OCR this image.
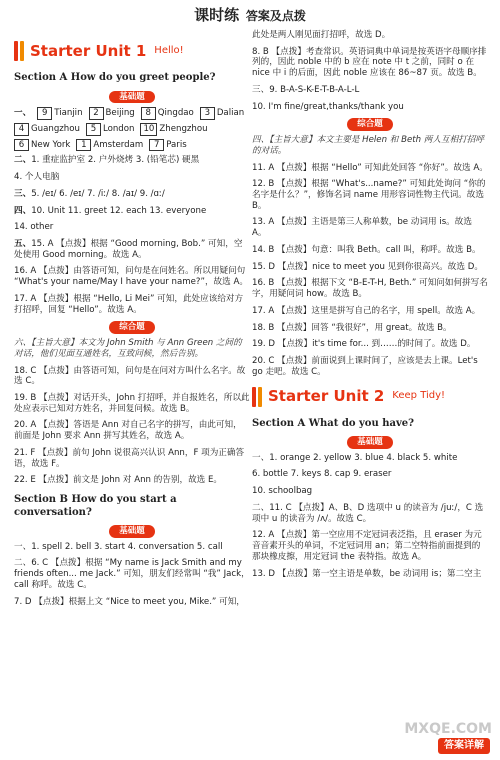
课时练 答案及点拨
Starter Unit 1 Hello!
Section A How do you greet people?
基础题
一、	9 Tianjin	2 Beijing	8 Qingdao	3 Dalian
4 Guangzhou	5 London	10 Zhengzhou
6 New York	1 Amsterdam	7 Paris
二、1. 重症监护室 2. 户外烧烤 3. (铅笔芯) 硬黑
4. 个人电脑
三、5. /eɪ/ 6. /eɪ/ 7. /iː/ 8. /aɪ/ 9. /ɑː/
四、10. Unit 11. greet 12. each 13. everyone
14. other
五、15. A 【点拨】根据 “Good morning, Bob.” 可知，空处使用 Good morning。故选 A。
16. A 【点拨】由答语可知，问句是在问姓名。所以用疑问句 “What's your name/May I have your name?”，故选 A。
17. A 【点拨】根据 “Hello, Li Mei” 可知，此处应该给对方打招呼，回复 “Hello”。故选 A。
综合题
六、【主旨大意】本文为 John Smith 与 Ann Green 之间的对话，他们见面互通姓名，互致问候，然后告别。
18. C 【点拨】由答语可知，问句是在问对方叫什么名字。故选 C。
19. B 【点拨】对话开头，John 打招呼，并自报姓名，所以此处应表示已知对方姓名，并回复问候。故选 B。
20. A 【点拨】答语是 Ann 对自己名字的拼写，由此可知，前面是 John 要求 Ann 拼写其姓名，故选 A。
21. F 【点拨】前句 John 说很高兴认识 Ann，F 项为正确答语，故选 F。
22. E 【点拨】前文是 John 对 Ann 的告别，故选 E。
Section B How do you start a conversation?
基础题
一、1. spell 2. bell 3. start 4. conversation 5. call
二、6. C 【点拨】根据 “My name is Jack Smith and my friends often... me Jack.” 可知，朋友们经常叫 “我” Jack，call 称呼。故选 C。
7. D 【点拨】根据上文 “Nice to meet you, Mike.” 可知，
此处是两人刚见面打招呼，故选 D。
8. B 【点拨】考查常识。英语词典中单词是按英语字母顺序排列的，因此 noble 中的 b 应在 note 中 t 之前，同时 o 在 nice 中 i 的后面，因此 noble 应该在 86~87 页。故选 B。
三、9. B-A-S-K-E-T-B-A-L-L
10. I'm fine/great,thanks/thank you
综合题
四、【主旨大意】本文主要是 Helen 和 Beth 两人互相打招呼的对话。
11. A 【点拨】根据 “Hello” 可知此处回答 “你好”。故选 A。
12. B 【点拨】根据 “What's...name?” 可知此处询问 “你的名字是什么？”，修饰名词 name 用形容词性物主代词。故选 B。
13. A 【点拨】主语是第三人称单数，be 动词用 is。故选 A。
14. B 【点拨】句意：叫我 Beth。call 叫，称呼。故选 B。
15. D 【点拨】nice to meet you 见到你很高兴。故选 D。
16. B 【点拨】根据下文 “B-E-T-H, Beth.” 可知问如何拼写名字，用疑问词 how。故选 B。
17. A 【点拨】这里是拼写自己的名字，用 spell。故选 A。
18. B 【点拨】回答 “我很好”，用 great。故选 B。
19. D 【点拨】it's time for... 到……的时间了。故选 D。
20. C 【点拨】前面说到上课时间了，应该是去上课。Let's go 走吧。故选 C。
Starter Unit 2 Keep Tidy!
Section A What do you have?
基础题
一、1. orange 2. yellow 3. blue 4. black 5. white
6. bottle 7. keys 8. cap 9. eraser
10. schoolbag
二、11. C 【点拨】A、B、D 选项中 u 的读音为 /juː/，C 选项中 u 的读音为 /ʌ/。故选 C。
12. A 【点拨】第一空应用不定冠词表泛指，且 eraser 为元音音素开头的单词，不定冠词用 an；第二空特指前面提到的那块橡皮擦，用定冠词 the 表特指。故选 A。
13. D 【点拨】第一空主语是单数，be 动词用 is；第二空主
MXQE.COM
答案详解
